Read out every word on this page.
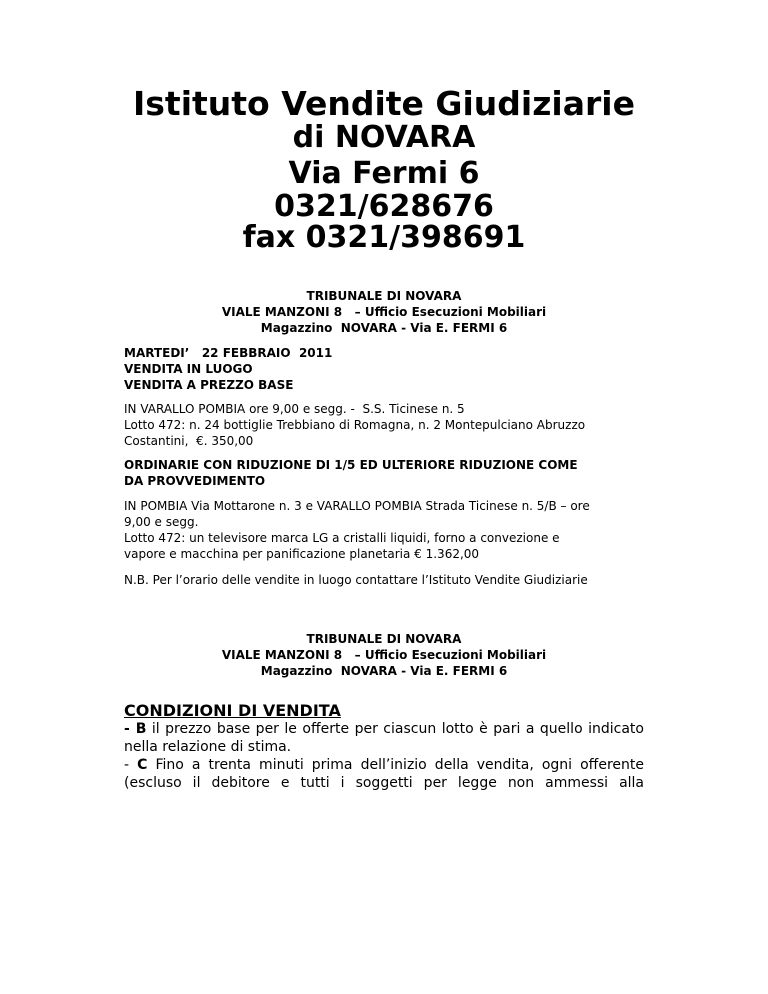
Istituto Vendite Giudiziarie
di NOVARA
Via Fermi 6
0321/628676
fax 0321/398691
TRIBUNALE DI NOVARA
VIALE MANZONI 8   – Ufficio Esecuzioni Mobiliari
Magazzino  NOVARA - Via E. FERMI 6
MARTEDI’   22 FEBBRAIO  2011
VENDITA IN LUOGO
VENDITA A PREZZO BASE
IN VARALLO POMBIA ore 9,00 e segg. -  S.S. Ticinese n. 5
Lotto 472: n. 24 bottiglie Trebbiano di Romagna, n. 2 Montepulciano Abruzzo
Costantini,  €. 350,00
ORDINARIE CON RIDUZIONE DI 1/5 ED ULTERIORE RIDUZIONE COME
DA PROVVEDIMENTO
IN POMBIA Via Mottarone n. 3 e VARALLO POMBIA Strada Ticinese n. 5/B – ore
9,00 e segg.
Lotto 472: un televisore marca LG a cristalli liquidi, forno a convezione e
vapore e macchina per panificazione planetaria € 1.362,00
N.B. Per l’orario delle vendite in luogo contattare l’Istituto Vendite Giudiziarie
TRIBUNALE DI NOVARA
VIALE MANZONI 8   – Ufficio Esecuzioni Mobiliari
Magazzino  NOVARA - Via E. FERMI 6
CONDIZIONI DI VENDITA

- B il prezzo base per le offerte per ciascun lotto è pari a quello indicato nella relazione di stima.

- C Fino a trenta minuti prima dell’inizio della vendita, ogni offerente

(escluso il debitore e tutti i soggetti per legge non ammessi alla
